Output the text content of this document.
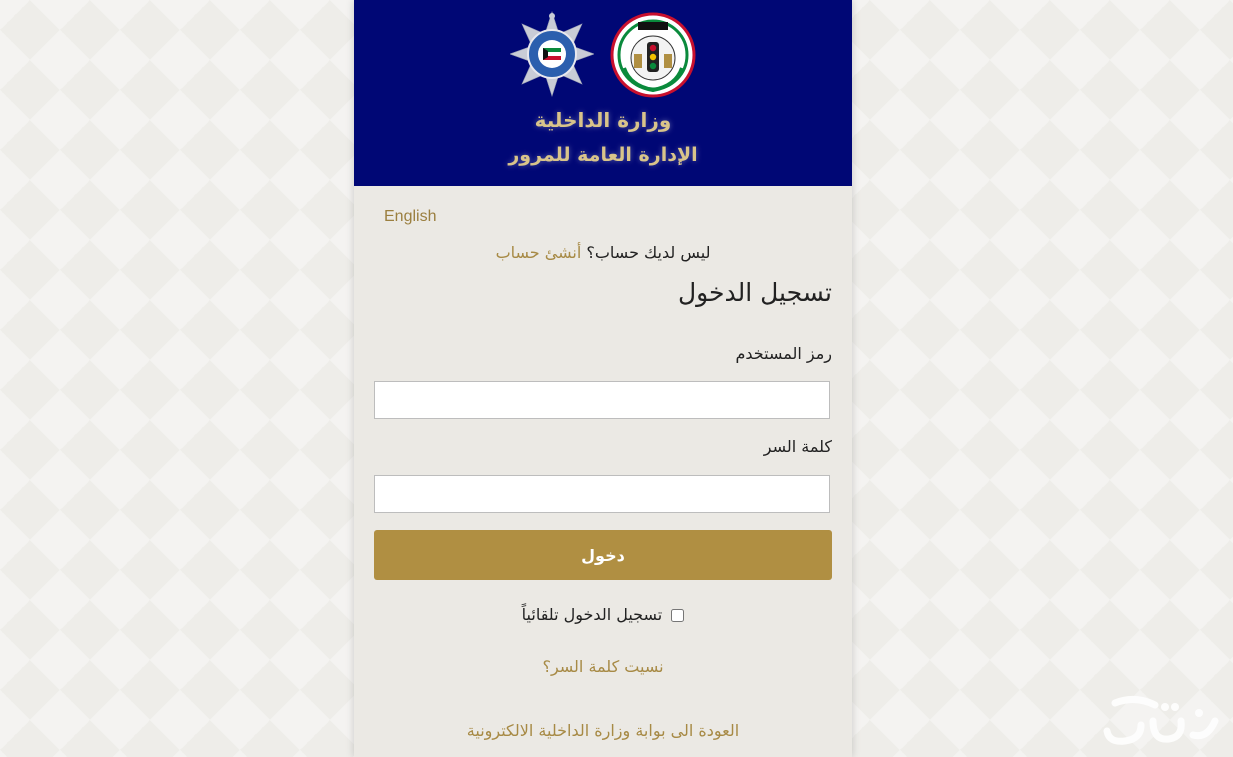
وزارة الداخلية
الإدارة العامة للمرور
English
ليس لديك حساب؟ أنشئ حساب
تسجيل الدخول
رمز المستخدم
كلمة السر
دخول
تسجيل الدخول تلقائياً
نسيت كلمة السر؟
العودة الى بوابة وزارة الداخلية الالكترونية
